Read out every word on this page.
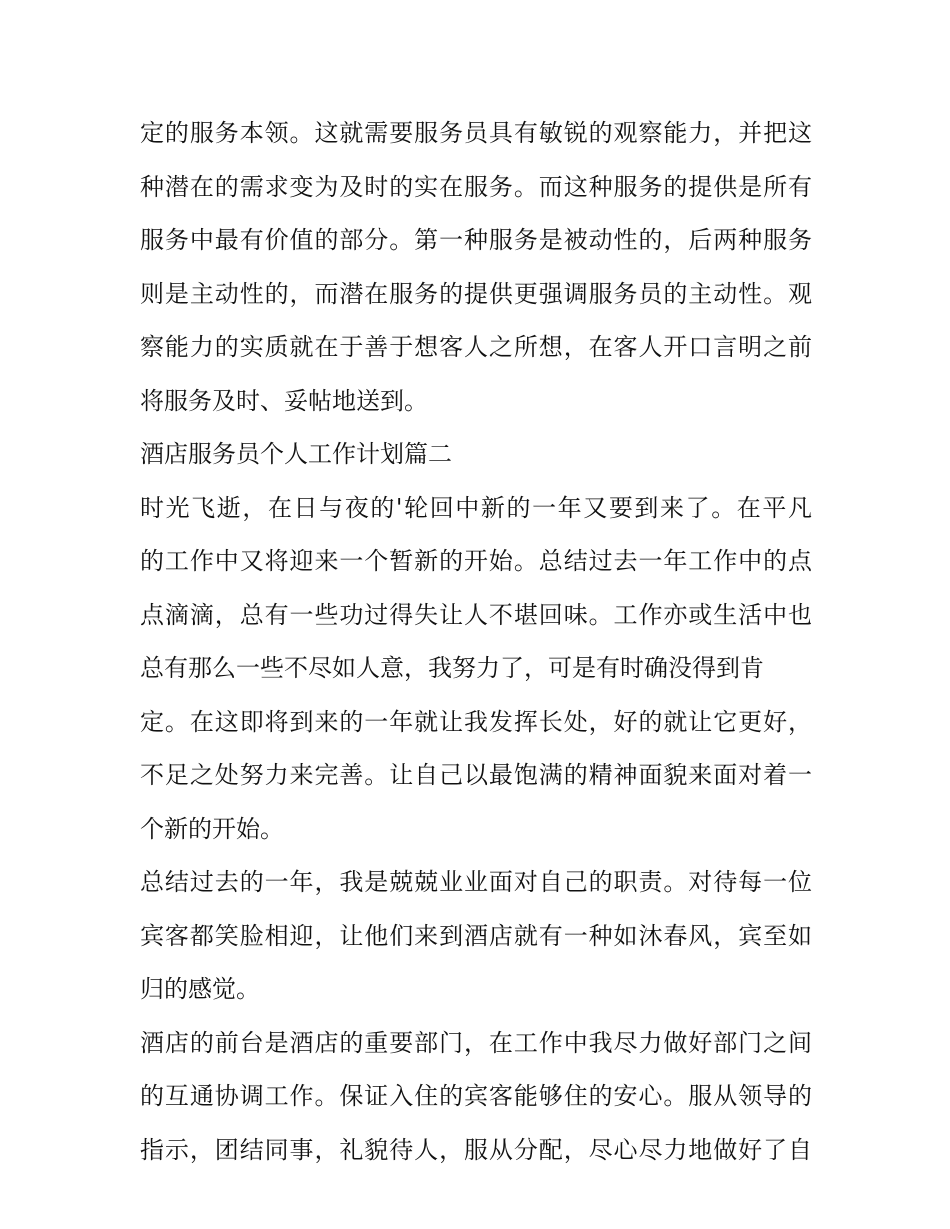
定的服务本领。这就需要服务员具有敏锐的观察能力，并把这
种潜在的需求变为及时的实在服务。而这种服务的提供是所有
服务中最有价值的部分。第一种服务是被动性的，后两种服务
则是主动性的，而潜在服务的提供更强调服务员的主动性。观
察能力的实质就在于善于想客人之所想，在客人开口言明之前
将服务及时、妥帖地送到。
酒店服务员个人工作计划篇二
时光飞逝，在日与夜的'轮回中新的一年又要到来了。在平凡
的工作中又将迎来一个暂新的开始。总结过去一年工作中的点
点滴滴，总有一些功过得失让人不堪回味。工作亦或生活中也
总有那么一些不尽如人意，我努力了，可是有时确没得到肯
定。在这即将到来的一年就让我发挥长处，好的就让它更好，
不足之处努力来完善。让自己以最饱满的精神面貌来面对着一
个新的开始。
总结过去的一年，我是兢兢业业面对自己的职责。对待每一位
宾客都笑脸相迎，让他们来到酒店就有一种如沐春风，宾至如
归的感觉。
酒店的前台是酒店的重要部门，在工作中我尽力做好部门之间
的互通协调工作。保证入住的宾客能够住的安心。服从领导的
指示，团结同事，礼貌待人，服从分配，尽心尽力地做好了自
